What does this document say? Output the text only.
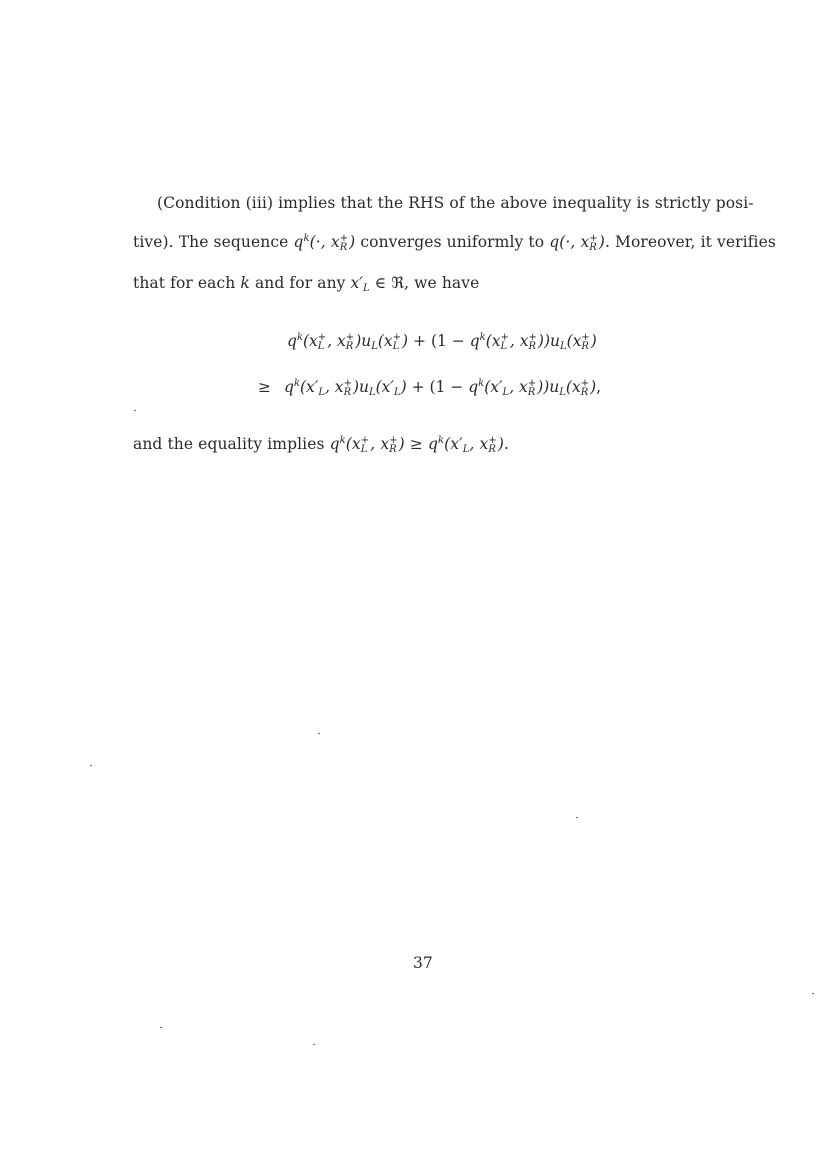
(Condition (iii) implies that the RHS of the above inequality is strictly posi-
tive). The sequence $q^k(\cdot$, x +
R ) converges uniformly to q(·, x +
R ). Moreover, it verifies
that for each k and for any $x'_L$ ∈ ℜ, we have
$q^k(x$ +
L , x +
R )$u_L(x$ +
L ) + ($1 - q^k(x$ +
L , x +
R ))$u_L(x$ +
R )
≥ $q^k(x'_L$, x +
R )$u_L(x'_L) + (1 - q^k(x'_L$, x +
R ))$u_L(x$ +
R ),
and the equality implies $q^k(x$ +
L , x +
R ) ≥ $q^k(x'_L$, x +
R ).
37
